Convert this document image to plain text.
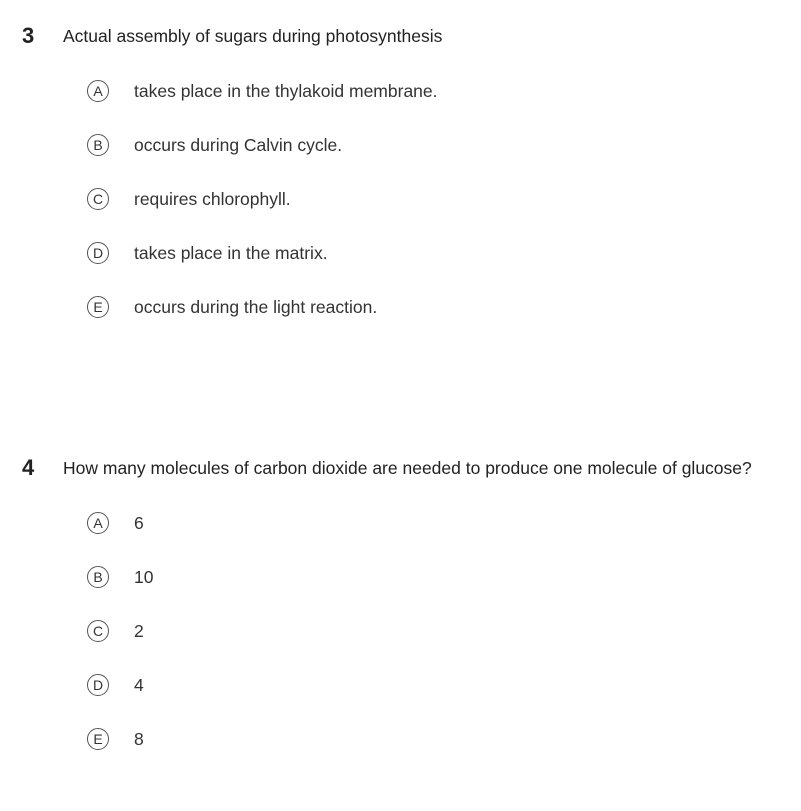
3 Actual assembly of sugars during photosynthesis
A	takes place in the thylakoid membrane.
B	occurs during Calvin cycle.
C	requires chlorophyll.
D	takes place in the matrix.
E	occurs during the light reaction.
4 How many molecules of carbon dioxide are needed to produce one molecule of glucose?
A	6
B	10
C	2
D	4
E	8
